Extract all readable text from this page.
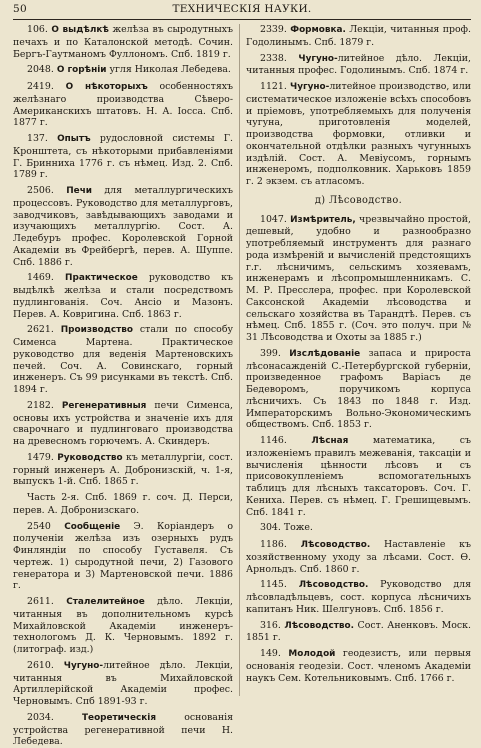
50	ТЕХНИЧЕСКІЯ НАУКИ.

106. О выдѣлкѣ желѣза въ сыродутныхъ печахъ и по Каталонской методѣ. Сочин. Бергъ-Гаутманомъ Фуллономъ. Спб. 1819 г.

2048. О горѣніи угля Николая Лебедева.

2419. О нѣкоторыхъ особенностяхъ желѣзнаго производства Сѣверо-Американскихъ штатовъ. Н. А. Іосса. Спб. 1877 г.

137. Опытъ рудословной системы Г. Кронштета, съ нѣкоторыми прибавленіями Г. Бринниха 1776 г. съ нѣмец. Изд. 2. Спб. 1789 г.

2506. Печи для металлургическихъ процессовъ. Руководство для металлурговъ, заводчиковъ, завѣдывающихъ заводами и изучающихъ металлургію. Сост. А. Ледебуръ профес. Королевской Горной Академіи въ Фрейбергѣ, перев. А. Шуппе. Спб. 1886 г.

1469. Практическое руководство къ выдѣлкѣ желѣза и стали посредствомъ пудлингованія. Соч. Ансіо и Мазонъ. Перев. А. Ковригина. Спб. 1863 г.

2621. Производство стали по способу Сименса Мартена. Практическое руководство для веденія Мартеновскихъ печей. Соч. А. Совинскаго, горный инженеръ. Съ 99 рисунками въ текстѣ. Спб. 1894 г.

2182. Регенеративныя печи Сименса, основы ихъ устройства и значеніе ихъ для сварочнаго и пудлинговаго производства на древесномъ горючемъ. А. Скиндеръ.

1479. Руководство къ металлургіи, сост. горный инженеръ А. Добронизскій, ч. 1-я, выпускъ 1-й. Спб. 1865 г.

Часть 2-я. Спб. 1869 г. соч. Д. Перси, перев. А. Добронизскаго.

2540 Сообщеніе Э. Коріандеръ о полученіи желѣза изъ озерныхъ рудъ Финляндіи по способу Густавеля. Съ чертеж. 1) сыродутной печи, 2) Газового генератора и 3) Мартеновской печи. 1886 г.

2611. Сталелитейное дѣло. Лекціи, читанныя въ дополнительномъ курсѣ Михайловской Академіи инженеръ-технологомъ Д. К. Черновымъ. 1892 г. (литограф. изд.)

2610. Чугуно-литейное дѣло. Лекціи, читанныя въ Михайловской Артиллерійской Академіи профес. Черновымъ. Спб 1891-93 г.

2034.	Теоретическія основанія устройства регенеративной печи Н. Лебедева.

2339. Формовка. Лекціи, читанныя проф. Годолинымъ. Спб. 1879 г.

2338. Чугуно-литейное дѣло. Лекціи, читанныя профес. Годолинымъ. Спб. 1874 г.

1121. Чугуно-литейное производство, или систематическое изложеніе всѣхъ способовъ и пріемовъ, употребляемыхъ для полученія чугуна, приготовленія моделей, производства формовки, отливки и окончательной отдѣлки разныхъ чугунныхъ издѣлій. Сост. А. Мевіусомъ, горнымъ инженеромъ, подполковник. Харьковъ 1859 г. 2 экзем. съ атласомъ.

д) Лѣсоводство.

1047. Измѣритель, чрезвычайно простой, дешевый, удобно и разнообразно употребляемый инструментъ для разнаго рода измѣреній и вычисленій предстоящихъ г.г. лѣсничимъ, сельскимъ хозяевамъ, инженерамъ и лѣсопромышленникамъ. С. М. Р. Пресслера, профес. при Королевской Саксонской Академіи лѣсоводства и сельскаго хозяйства въ Тарандтѣ. Перев. съ нѣмец. Спб. 1855 г. (Соч. это получ. при № 31 Лѣсоводства и Охоты за 1885 г.)

399. Изслѣдованіе запаса и прироста лѣсонасажденій С.-Петербургской губерніи, произведенное графомъ Варіасъ де Бедеворомъ, поручикомъ корпуса лѣсничихъ. Съ 1843 по 1848 г. Изд. Императорскимъ Вольно-Экономическимъ обществомъ. Спб. 1853 г.

1146.	Лѣсная математика, съ изложеніемъ правилъ межеванія, таксаціи и вычисленія цѣнности лѣсовъ и съ присовокупленіемъ вспомогательныхъ таблицъ для лѣсныхъ таксаторовъ. Соч. Г. Кениха. Перев. съ нѣмец. Г. Грешищевымъ. Спб. 1841 г.

304. Тоже.

1186. Лѣсоводство. Наставленіе къ хозяйственному уходу за лѣсами. Сост. Ѳ. Арнольдъ. Спб. 1860 г.

1145. Лѣсоводство. Руководство для лѣсовладѣльцевъ, сост. корпуса лѣсничихъ капитанъ Ник. Шелгуновъ. Спб. 1856 г.

316. Лѣсоводство. Сост. Аненковъ. Моск. 1851 г.

149. Молодой геодезистъ, или первыя основанія геодезіи. Сост. членомъ Академіи наукъ Сем. Котельниковымъ. Спб. 1766 г.
